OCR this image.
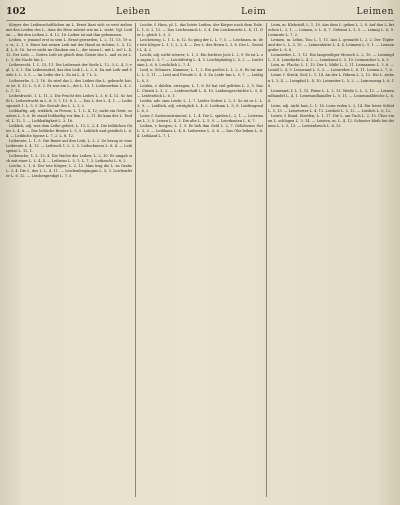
102	Leiben	Leim	Leimen

Körper des Leidenschaftlichen im L. Ernst lässt sich so weit ziehen mit den Leiden des L., dasz ihr Herz zuletzt wie im L. steht. Vgl. Leiden. — Bei den Leiben L. 4. 12, 16. Leiber ist mit ihm gekommen.

Leiben, v. jemand erst in sein L. Ernst geworden; L. 2, 11, 13, 19 u. s. w.; L. 1, 5. Einer hat seinen Leib mit der Hand zu richten; L. 3, 12, 4; L. 8, 16. Ist er nicht im Glauben ein L., der einen L. mit L. ist? L. 4, 12. Der Leib, — Gottes Leib ist gleich dem Geiste des L. und es ist L. L. 3; die Nacht hin L.

Leibesrecht, 1. L. 13, 11. Die Leibesnot der Seele L. 12, 3; L. 4, 5; vgl. L. 6, 1. Ein Leibesmittel, das den Leib L. L. 2, 6. Da mit Leib und Seele L. L. 3, 5. — Im Leibe der L. Es ist L. 4, 7 L. L.

Leibeserbe, L. 1, 16. So wird das L. des Leibes das L. gebracht hat; er ist. 4. 12; L. 5, 6. 2. Er war ein L., der L. 13, 1. Leibeserben L. 4, 2. L. 7, 12.

Leibesfrucht, 1. L. 11, 2. Die Frucht des Leibes L. 3, 6; 4, 12. So heißt L. Leibesfrucht in L. 6, 5; 7, 11. 8, 2. — Das L. der L. 4, 1. — Leibesgestalt 1. L. 5, 5. Die Gestalt des L. L. 3, 2.

Leibhaftig, adj. wirklich, in Person; L. 1. L. 4, 12; nicht ein Geist, sondern L. 5, 6. Er stand leibhaftig vor ihm L. 2, 11. Es kam der L. Teufel, L. 12, 1. — Leibhaftigkeit L. 3, 16.

Leiblich, adj. was dem Leibe gehört; L. 13; L. 2, 4. Die leiblichen Güter L. 4, 6. — Der leibliche Bruder L. 5, 5. Leiblich und geistlich L. 6, 4. — Leibliche Speise L. 7, 2. L. 8, 12.

Leibrente, L. 1, 5. Die Rente auf den Leib; L. 3, 2. So bezog er eine Leibrente L. 4, 13. — Leibrock 1. L. 2, 5. Leibschmerz L. 6, 4. — Leibspeise L. 12, 1.

Leibwache, 1. L. 13, 4. Die Wache des Leibes; L. 2, 10. Er umgab sich mit einer L. L. 4, 4. — Leibzins L. 5, 1; L. 7, 3. Leibzucht L. 8, 2.

Leiche, L. 1, 6. Der tote Körper; L. 2, 12. Man trug die L. zu Grabe L. 3, 4. Die L. des L. L. 4, 11. — Leichenbegängnis L. 5, 3. Leichenfeier L. 6, 12. — Leichenpredigt L. 7, 5.

Leiche, f. Hass, pl. L. das letzte Leiden, der Körper nach dem Tode. L. 1, 6; 2, 12. — Das Leichentuch L. 3, 4. Die Leichenrede L. 4, 11. Der L. gleich L. 5, 3.

Leichenzug, L. 1. L. 6, 12. So ging der L. L. 7, 5. — Leichnam, m. der tote Körper L. 1, 1; L. 2, 4. — Der L. des Herrn L. 3, 6. Des L. Gestalt L. 4, 2.

Leicht, adj. nicht schwer; L. 1, 3. Ein leichtes Joch L. 2, 9. Es ist L. zu sagen L. 3, 7. — Leichtfertig L. 4, 5. Leichtgläubig L. 5, 2. — Leichtsinn L. 6, 8. Leichtlich L. 7, 4.

Leid, n. Schmerz, Kummer; L. 1, 2. Ein großes L. L. 2, 6. Es tut mir L. L. 3, 11. — Leid und Freude L. 4, 9. Zu Leide tun L. 5, 7. — Leidig L. 6, 3.

Leiden, v. dulden, ertragen; L. 1, 8. Er hat viel gelitten L. 2, 5. Das L. Christi L. 3, 2. — Leidenschaft L. 4, 10. Leidensgeschichte L. 5, 4. — Leidentlich L. 6, 1.

Leider, adv. zum Leide; L. 1, 7. Leider Gottes L. 2, 3. So ist es L. L. 3, 9. — Leidlich, adj. erträglich L. 4, 6. Leidsam L. 5, 8. Leidtragend L. 6, 2.

Leier, f. Saiteninstrument; L. 1, 4. Die L. spielen L. 2, 1. — Leiermann L. 3, 5. Leiern L. 4, 3. Die alte L. L. 5, 9. — Leierkasten L. 6, 7.

Leihen, v. borgen; L. 1, 9. Er lieh ihm Geld L. 2, 7. Geliehenes Gut L. 3, 3. — Leihhaus L. 4, 8. Leihweise L. 5, 6. — Das Ohr leihen L. 6, 4. Leihkauf L. 7, 1.

Leim, m. Klebstoff; L. 1, 10. Aus dem L. gehen L. 2, 8. Auf den L. kriechen L. 3, 1. — Leimen, v. L. 4, 7. Geleimt L. 5, 5. — Leimig L. 6, 9. Leimrute L. 7, 2.

Leimen, m. Lehm, Ton; L. 1, 11. Aus L. gemacht L. 2, 2. Der Töpfer und der L. L. 3, 10. — Leimenhütte L. 4, 4. Leimern L. 5, 1. — Leimengrube L. 6, 6.

Leimsieder, L. 1, 12. Ein langweiliger Mensch L. 2, 10. — Leimtopf L. 3, 8. Leimfarbe L. 4, 2. — Leimkraut L. 5, 10. Leimzucker L. 6, 5.

Lein, m. Flachs; L. 1, 13. Der L. blüht L. 2, 11. Leinsamen L. 3, 6. — Leinöl L. 4, 9. Leinwand L. 5, 3. — Leinweber L. 6, 11. Leinen L. 7, 8.

Leine, f. Strick, Seil; L. 1, 14. An der L. führen L. 2, 12. Die L. ziehen L. 3, 4. — Leinpfad L. 4, 10. Leinreiter L. 5, 2. — Leinenzeug L. 6, 10.

Leinwand, f. L. 1, 15. Feine L. L. 2, 13. Weiße L. L. 3, 12. — Leinwandhandel L. 4, 1. Leinwandhändler L. 5, 11. — Leinwandbleiche L. 6, 8.

Leise, adj. nicht laut; L. 1, 16. Leise reden L. 2, 14. Ein leiser Schlaf L. 3, 13. — Leisetreter L. 4, 11. Leisheit L. 5, 12. — Leislich L. 6, 12.

Leiste, f. Rand, Streifen; L. 1, 17. Die L. am Tuch L. 2, 15. Über einen L. schlagen L. 3, 14. — Leisten, m. L. 4, 12. Schuster bleib bei deinem L. L. 5, 13. — Leistenbruch L. 6, 13.
